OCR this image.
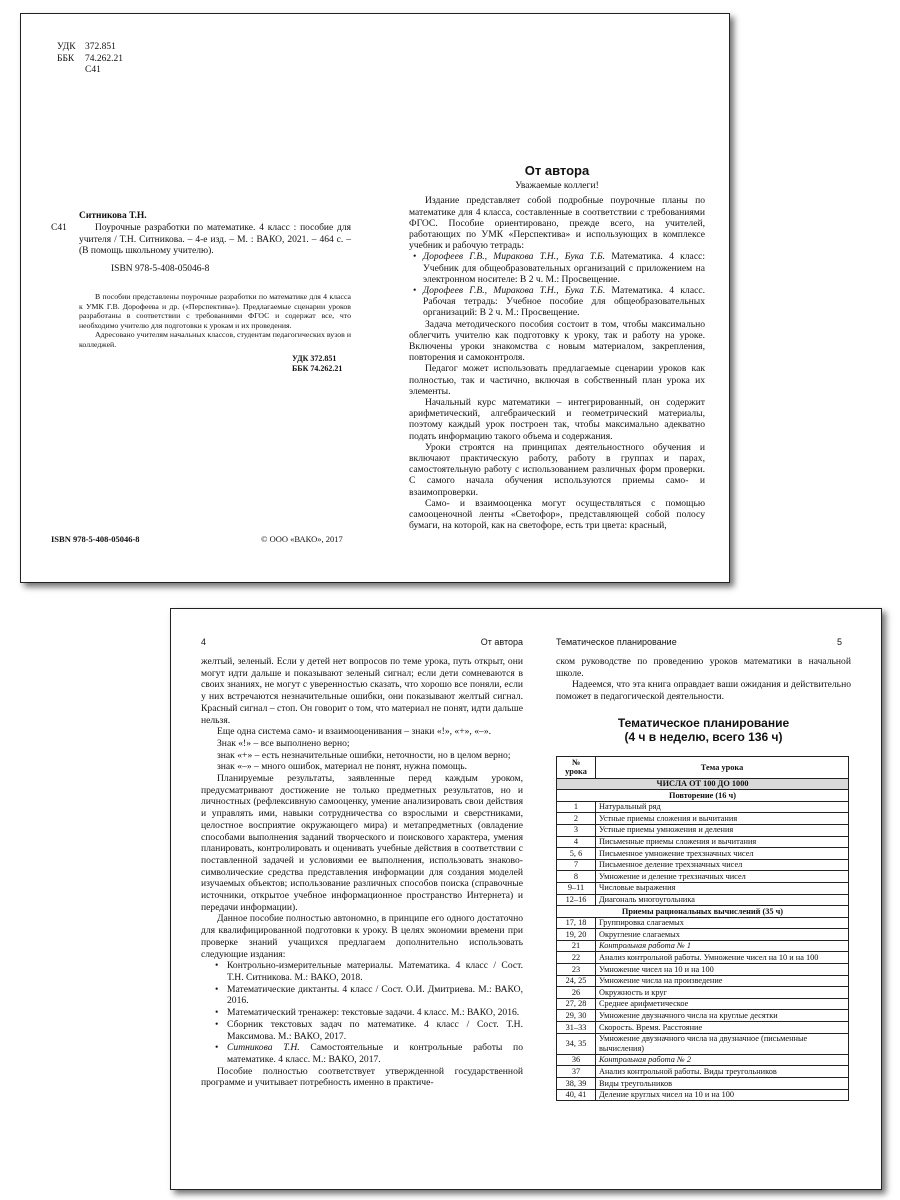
УДК 372.851
ББК 74.262.21
С41
Ситникова Т.Н.
С41	Поурочные разработки по математике. 4 класс : пособие для учителя / Т.Н. Ситникова. – 4-е изд. – М. : ВАКО, 2021. – 464 с. – (В помощь школьному учителю).
ISBN 978-5-408-05046-8

В пособии представлены поурочные разработки по математике для 4 класса к УМК Г.В. Дорофеева и др. («Перспектива»). Предлагаемые сценарии уроков разработаны в соответствии с требованиями ФГОС и содержат все, что необходимо учителю для подготовки к урокам и их проведения.

Адресовано учителям начальных классов, студентам педагогических вузов и колледжей.

УДК 372.851
ББК 74.262.21
ISBN 978-5-408-05046-8	© ООО «ВАКО», 2017
От автора
Уважаемые коллеги!

Издание представляет собой подробные поурочные планы по математике для 4 класса, составленные в соответствии с требованиями ФГОС. Пособие ориентировано, прежде всего, на учителей, работающих по УМК «Перспектива» и использующих в комплексе учебник и рабочую тетрадь:

• Дорофеев Г.В., Миракова Т.Н., Бука Т.Б. Математика. 4 класс: Учебник для общеобразовательных организаций с приложением на электронном носителе: В 2 ч. М.: Просвещение.
• Дорофеев Г.В., Миракова Т.Н., Бука Т.Б. Математика. 4 класс. Рабочая тетрадь: Учебное пособие для общеобразовательных организаций: В 2 ч. М.: Просвещение.

Задача методического пособия состоит в том, чтобы максимально облегчить учителю как подготовку к уроку, так и работу на уроке. Включены уроки знакомства с новым материалом, закрепления, повторения и самоконтроля.

Педагог может использовать предлагаемые сценарии уроков как полностью, так и частично, включая в собственный план урока их элементы.

Начальный курс математики – интегрированный, он содержит арифметический, алгебраический и геометрический материалы, поэтому каждый урок построен так, чтобы максимально адекватно подать информацию такого объема и содержания.

Уроки строятся на принципах деятельностного обучения и включают практическую работу, работу в группах и парах, самостоятельную работу с использованием различных форм проверки. С самого начала обучения используются приемы само- и взаимопроверки.

Само- и взаимооценка могут осуществляться с помощью самооценочной ленты «Светофор», представляющей собой полосу бумаги, на которой, как на светофоре, есть три цвета: красный,

4	От автора

желтый, зеленый. Если у детей нет вопросов по теме урока, путь открыт, они могут идти дальше и показывают зеленый сигнал; если дети сомневаются в своих знаниях, не могут с уверенностью сказать, что хорошо все поняли, если у них встречаются незначительные ошибки, они показывают желтый сигнал. Красный сигнал – стоп. Он говорит о том, что материал не понят, идти дальше нельзя.

Еще одна система само- и взаимооценивания – знаки «!», «+», «–».

Знак «!» – все выполнено верно;

знак «+» – есть незначительные ошибки, неточности, но в целом верно;

знак «–» – много ошибок, материал не понят, нужна помощь.

Планируемые результаты, заявленные перед каждым уроком, предусматривают достижение не только предметных результатов, но и личностных (рефлексивную самооценку, умение анализировать свои действия и управлять ими, навыки сотрудничества со взрослыми и сверстниками, целостное восприятие окружающего мира) и метапредметных (овладение способами выполнения заданий творческого и поискового характера, умения планировать, контролировать и оценивать учебные действия в соответствии с поставленной задачей и условиями ее выполнения, использовать знаково-символические средства представления информации для создания моделей изучаемых объектов; использование различных способов поиска (справочные источники, открытое учебное информационное пространство Интернета) и передачи информации).

Данное пособие полностью автономно, в принципе его одного достаточно для квалифицированной подготовки к уроку. В целях экономии времени при проверке знаний учащихся предлагаем дополнительно использовать следующие издания:

• Контрольно-измерительные материалы. Математика. 4 класс / Сост. Т.Н. Ситникова. М.: ВАКО, 2018.
• Математические диктанты. 4 класс / Сост. О.И. Дмитриева. М.: ВАКО, 2016.
• Математический тренажер: текстовые задачи. 4 класс. М.: ВАКО, 2016.
• Сборник текстовых задач по математике. 4 класс / Сост. Т.Н. Максимова. М.: ВАКО, 2017.
• Ситникова Т.Н. Самостоятельные и контрольные работы по математике. 4 класс. М.: ВАКО, 2017.

Пособие полностью соответствует утвержденной государственной программе и учитывает потребность именно в практиче-

Тематическое планирование	5

ском руководстве по проведению уроков математики в начальной школе.

Надеемся, что эта книга оправдает ваши ожидания и действительно поможет в педагогической деятельности.

Тематическое планирование
(4 ч в неделю, всего 136 ч)
№ урока	Тема урока
ЧИСЛА ОТ 100 ДО 1000	
Повторение (16 ч)	
1	Натуральный ряд
2	Устные приемы сложения и вычитания
3	Устные приемы умножения и деления
4	Письменные приемы сложения и вычитания
5, 6	Письменное умножение трехзначных чисел
7	Письменное деление трехзначных чисел
8	Умножение и деление трехзначных чисел
9–11	Числовые выражения
12–16	Диагональ многоугольника
Приемы рациональных вычислений (35 ч)	
17, 18	Группировка слагаемых
19, 20	Округление слагаемых
21	Контрольная работа № 1
22	Анализ контрольной работы. Умножение чисел на 10 и на 100
23	Умножение чисел на 10 и на 100
24, 25	Умножение числа на произведение
26	Окружность и круг
27, 28	Среднее арифметическое
29, 30	Умножение двузначного числа на круглые десятки
31–33	Скорость. Время. Расстояние
34, 35	Умножение двузначного числа на двузначное (письменные вычисления)
36	Контрольная работа № 2
37	Анализ контрольной работы. Виды треугольников
38, 39	Виды треугольников
40, 41	Деление круглых чисел на 10 и на 100
